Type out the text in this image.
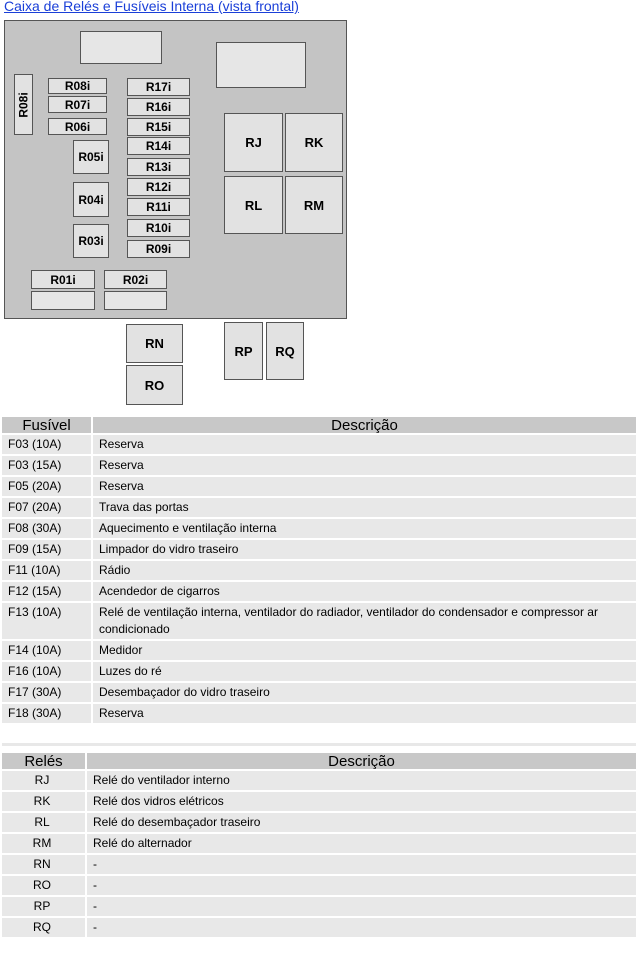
Caixa de Relés e Fusíveis Interna (vista frontal)
R08i
R08i
R07i
R06i
R05i
R04i
R03i
R01i	R02i
R17i
R16i
R15i
R14i
R13i
R12i
R11i
R10i
R09i
RJ	RK
RL	RM
RN
RO
RP	RQ
Fusível	Descrição
F03 (10A)	Reserva
F03 (15A)	Reserva
F05 (20A)	Reserva
F07 (20A)	Trava das portas
F08 (30A)	Aquecimento e ventilação interna
F09 (15A)	Limpador do vidro traseiro
F11 (10A)	Rádio
F12 (15A)	Acendedor de cigarros
F13 (10A)	Relé de ventilação interna, ventilador do radiador, ventilador do condensador e compressor ar condicionado
F14 (10A)	Medidor
F16 (10A)	Luzes do ré
F17 (30A)	Desembaçador do vidro traseiro
F18 (30A)	Reserva
Relés	Descrição
RJ	Relé do ventilador interno
RK	Relé dos vidros elétricos
RL	Relé do desembaçador traseiro
RM	Relé do alternador
RN	-
RO	-
RP	-
RQ	-
